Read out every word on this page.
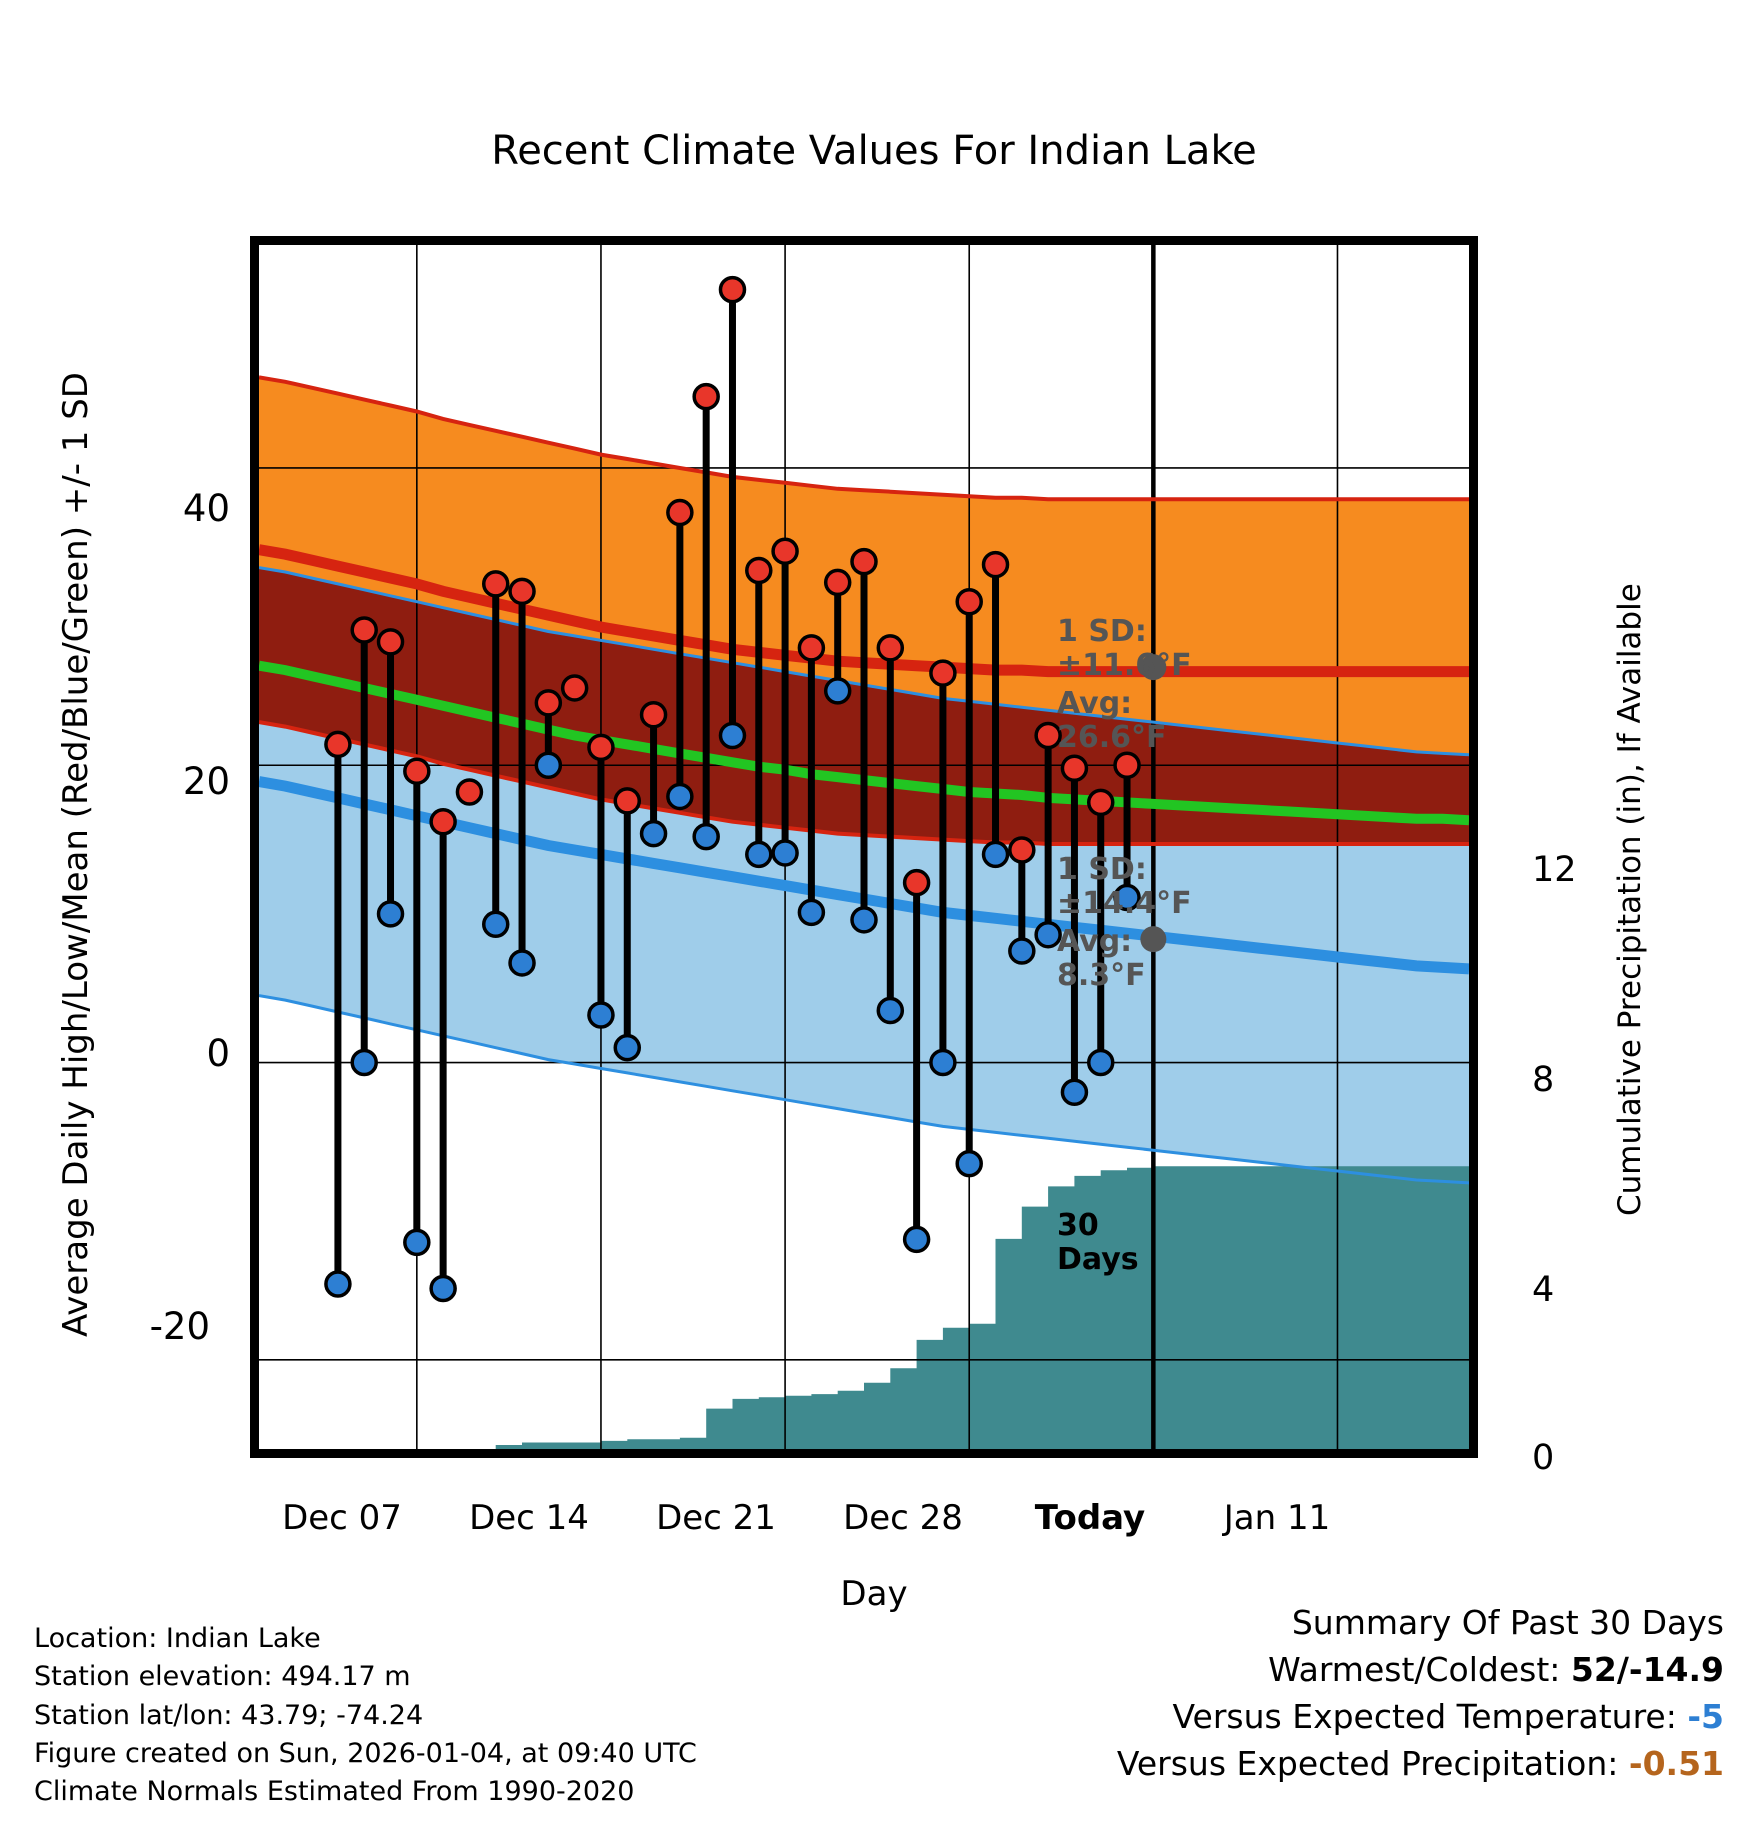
Recent Climate Values For Indian Lake
Average Daily High/Low/Mean (Red/Blue/Green) +/- 1 SD	Cumulative Precipitation (in), If Available
40
20
0
-20
12
8
4
0
Dec 07	Dec 14	Dec 21	Dec 28	Today	Jan 11
Day
1 SD:
±11.6°F
Avg:
26.6°F
1 SD:
±14.4°F
Avg:
8.3°F
30
Days
Location: Indian Lake
Station elevation: 494.17 m
Station lat/lon: 43.79; -74.24
Figure created on Sun, 2026-01-04, at 09:40 UTC
Climate Normals Estimated From 1990-2020
Summary Of Past 30 Days
Warmest/Coldest: 52/-14.9
Versus Expected Temperature: -5
Versus Expected Precipitation: -0.51
